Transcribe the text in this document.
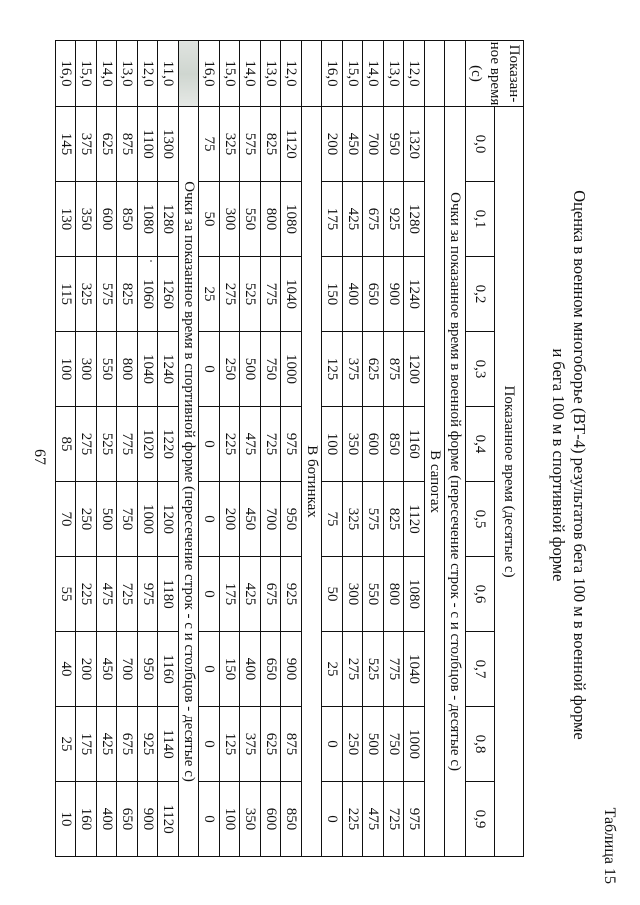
67
Таблица 15
Оценка в военном многоборье (ВТ-4) результатов бега 100 м в военной форме
и бега 100 м в спортивной форме
Показан-ное время (с)	Показанное время (десятые с)									
	0,0	0,1	0,2	0,3	0,4	0,5	0,6	0,7	0,8	0,9
	Очки за показанное время в военной форме (пересечение строк - с и столбцов - десятые с)									
	В сапогах									
12,0	1320	1280	1240	1200	1160	1120	1080	1040	1000	975
13,0	950	925	900	875	850	825	800	775	750	725
14,0	700	675	650	625	600	575	550	525	500	475
15,0	450	425	400	375	350	325	300	275	250	225
16,0	200	175	150	125	100	75	50	25	0	0
	В ботинках									
12,0	1120	1080	1040	1000	975	950	925	900	875	850
13,0	825	800	775	750	725	700	675	650	625	600
14,0	575	550	525	500	475	450	425	400	375	350
15,0	325	300	275	250	225	200	175	150	125	100
16,0	75	50	25	0	0	0	0	0	0	0
	Очки за показанное время в спортивной форме (пересечение строк - с и столбцов - десятые с)									
11,0	1300	1280	1260	1240	1220	1200	1180	1160	1140	1120
12,0	1100	1080	1060	1040	1020	1000	975	950	925	900
13,0	875	850	825	800	775	750	725	700	675	650
14,0	625	600	575	550	525	500	475	450	425	400
15,0	375	350	325	300	275	250	225	200	175	160
16,0	145	130	115	100	85	70	55	40	25	10
